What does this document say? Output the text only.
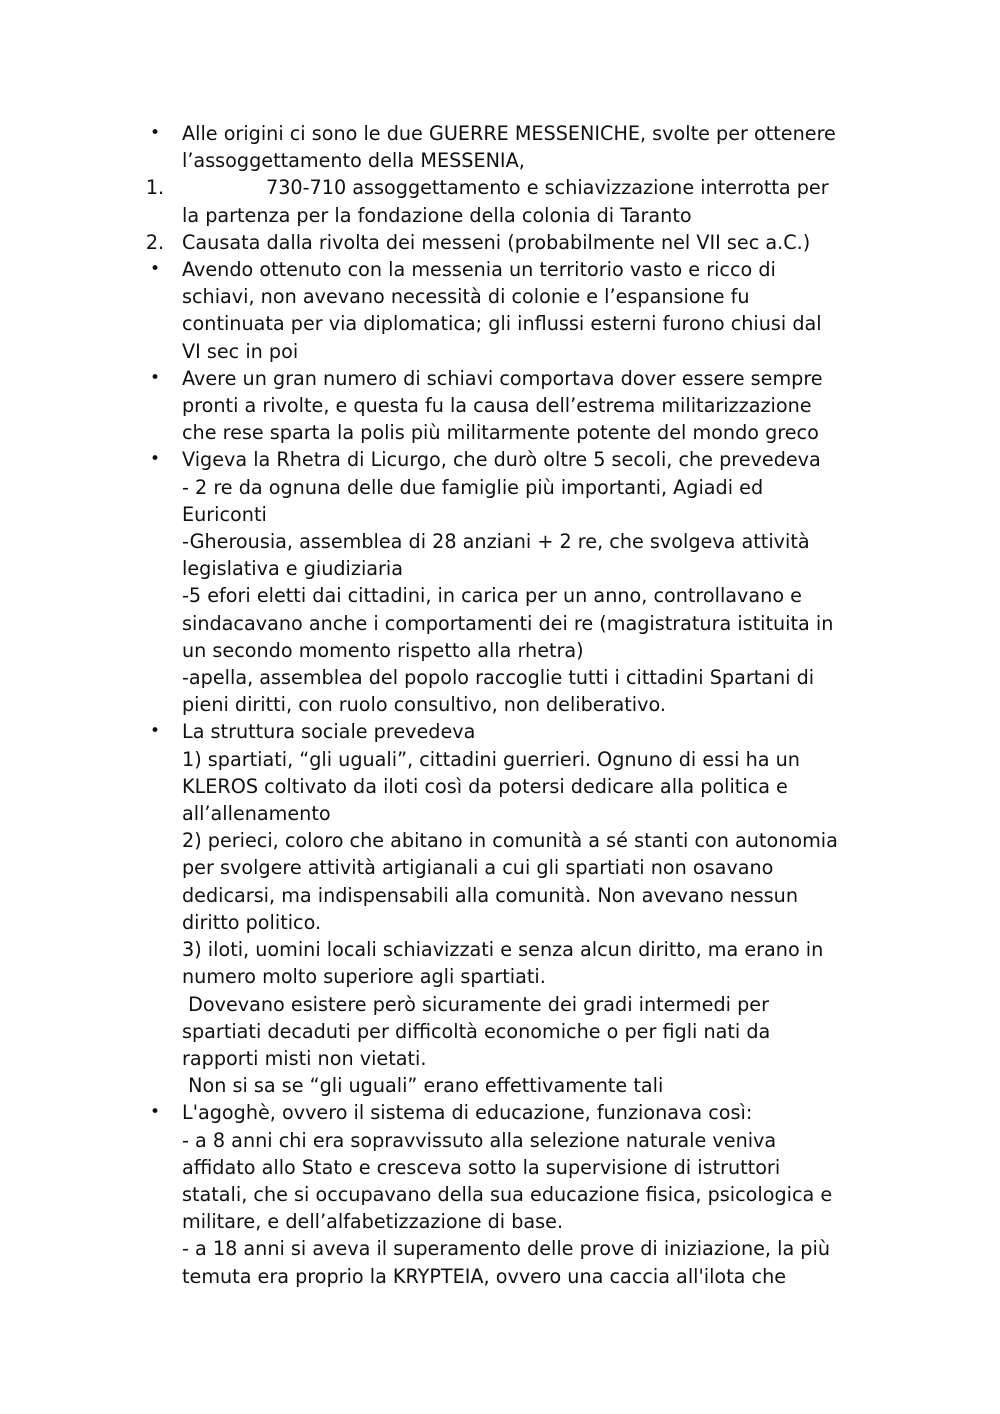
•	Alle origini ci sono le due GUERRE MESSENICHE, svolte per ottenere
l’assoggettamento della MESSENIA,
1.	730-710 assoggettamento e schiavizzazione interrotta per
la partenza per la fondazione della colonia di Taranto
2. Causata dalla rivolta dei messeni (probabilmente nel VII sec a.C.)
•	Avendo ottenuto con la messenia un territorio vasto e ricco di
schiavi, non avevano necessità di colonie e l’espansione fu
continuata per via diplomatica; gli influssi esterni furono chiusi dal
VI sec in poi
•	Avere un gran numero di schiavi comportava dover essere sempre
pronti a rivolte, e questa fu la causa dell’estrema militarizzazione
che rese sparta la polis più militarmente potente del mondo greco
•	Vigeva la Rhetra di Licurgo, che durò oltre 5 secoli, che prevedeva
- 2 re da ognuna delle due famiglie più importanti, Agiadi ed
Euriconti
-Gherousia, assemblea di 28 anziani + 2 re, che svolgeva attività
legislativa e giudiziaria
-5 efori eletti dai cittadini, in carica per un anno, controllavano e
sindacavano anche i comportamenti dei re (magistratura istituita in
un secondo momento rispetto alla rhetra)
-apella, assemblea del popolo raccoglie tutti i cittadini Spartani di
pieni diritti, con ruolo consultivo, non deliberativo.
•	La struttura sociale prevedeva
1) spartiati, “gli uguali”, cittadini guerrieri. Ognuno di essi ha un
KLEROS coltivato da iloti così da potersi dedicare alla politica e
all’allenamento
2) perieci, coloro che abitano in comunità a sé stanti con autonomia
per svolgere attività artigianali a cui gli spartiati non osavano
dedicarsi, ma indispensabili alla comunità. Non avevano nessun
diritto politico.
3) iloti, uomini locali schiavizzati e senza alcun diritto, ma erano in
numero molto superiore agli spartiati.
Dovevano esistere però sicuramente dei gradi intermedi per
spartiati decaduti per difficoltà economiche o per figli nati da
rapporti misti non vietati.
Non si sa se “gli uguali” erano effettivamente tali
•	L'agoghè, ovvero il sistema di educazione, funzionava così:
- a 8 anni chi era sopravvissuto alla selezione naturale veniva
affidato allo Stato e cresceva sotto la supervisione di istruttori
statali, che si occupavano della sua educazione fisica, psicologica e
militare, e dell’alfabetizzazione di base.
- a 18 anni si aveva il superamento delle prove di iniziazione, la più
temuta era proprio la KRYPTEIA, ovvero una caccia all'ilota che
